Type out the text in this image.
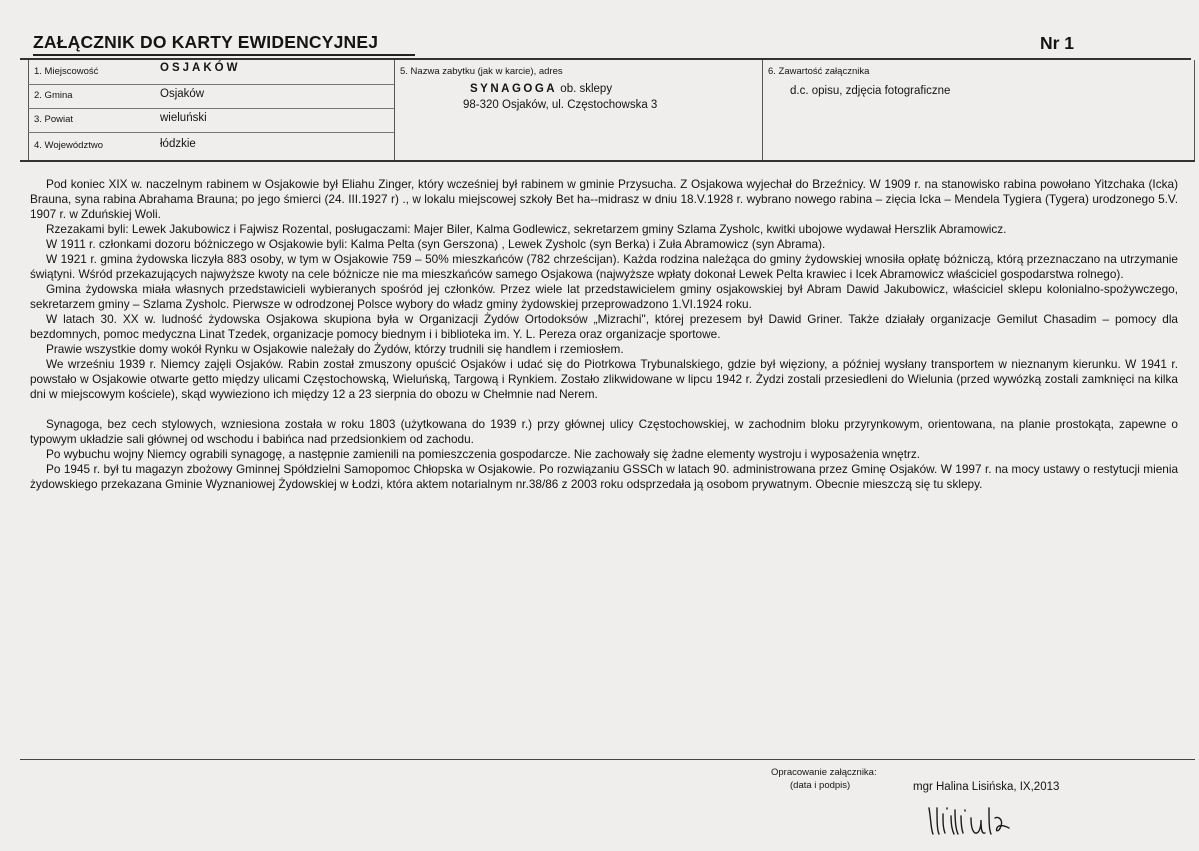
ZAŁĄCZNIK DO KARTY EWIDENCYJNEJ	Nr 1
1. Miejscowość	OSJAKÓW
2. Gmina	Osjaków
3. Powiat	wieluński
4. Województwo	łódzkie
5. Nazwa zabytku (jak w karcie), adres
SYNAGOGA ob. sklepy
98-320 Osjaków, ul. Częstochowska 3
6. Zawartość załącznika
d.c. opisu, zdjęcia fotograficzne

Pod koniec XIX w. naczelnym rabinem w Osjakowie był Eliahu Zinger, który wcześniej był rabinem w gminie Przysucha. Z Osjakowa wyjechał do Brzeźnicy. W 1909 r. na stanowisko rabina powołano Yitzchaka (Icka) Brauna, syna rabina Abrahama Brauna; po jego śmierci (24. III.1927 r) ., w lokalu miejscowej szkoły Bet ha--midrasz w dniu 18.V.1928 r. wybrano nowego rabina – zięcia Icka – Mendela Tygiera (Tygera) urodzonego 5.V. 1907 r. w Zduńskiej Woli.

Rzezakami byli: Lewek Jakubowicz i Fajwisz Rozental, posługaczami: Majer Biler, Kalma Godlewicz, sekretarzem gminy Szlama Zysholc, kwitki ubojowe wydawał Herszlik Abramowicz.

W 1911 r. członkami dozoru bóżniczego w Osjakowie byli: Kalma Pelta (syn Gerszona) , Lewek Zysholc (syn Berka) i Zuła Abramowicz (syn Abrama).

W 1921 r. gmina żydowska liczyła 883 osoby, w tym w Osjakowie 759 – 50% mieszkańców (782 chrześcijan). Każda rodzina należąca do gminy żydowskiej wnosiła opłatę bóżniczą, którą przeznaczano na utrzymanie świątyni. Wśród przekazujących najwyższe kwoty na cele bóżnicze nie ma mieszkańców samego Osjakowa (najwyższe wpłaty dokonał Lewek Pelta krawiec i Icek Abramowicz właściciel gospodarstwa rolnego).

Gmina żydowska miała własnych przedstawicieli wybieranych spośród jej członków. Przez wiele lat przedstawicielem gminy osjakowskiej był Abram Dawid Jakubowicz, właściciel sklepu kolonialno-spożywczego, sekretarzem gminy – Szlama Zysholc. Pierwsze w odrodzonej Polsce wybory do władz gminy żydowskiej przeprowadzono 1.VI.1924 roku.

W latach 30. XX w. ludność żydowska Osjakowa skupiona była w Organizacji Żydów Ortodoksów „Mizrachi", której prezesem był Dawid Griner. Także działały organizacje Gemilut Chasadim – pomocy dla bezdomnych, pomoc medyczna Linat Tzedek, organizacje pomocy biednym i i biblioteka im. Y. L. Pereza oraz organizacje sportowe.

Prawie wszystkie domy wokół Rynku w Osjakowie należały do Żydów, którzy trudnili się handlem i rzemiosłem.

We wrześniu 1939 r. Niemcy zajęli Osjaków. Rabin został zmuszony opuścić Osjaków i udać się do Piotrkowa Trybunalskiego, gdzie był więziony, a później wysłany transportem w nieznanym kierunku. W 1941 r. powstało w Osjakowie otwarte getto między ulicami Częstochowską, Wieluńską, Targową i Rynkiem. Zostało zlikwidowane w lipcu 1942 r. Żydzi zostali przesiedleni do Wielunia (przed wywózką zostali zamknięci na kilka dni w miejscowym kościele), skąd wywieziono ich między 12 a 23 sierpnia do obozu w Chełmnie nad Nerem.

Synagoga, bez cech stylowych, wzniesiona została w roku 1803 (użytkowana do 1939 r.) przy głównej ulicy Częstochowskiej, w zachodnim bloku przyrynkowym, orientowana, na planie prostokąta, zapewne o typowym układzie sali głównej od wschodu i babińca nad przedsionkiem od zachodu.

Po wybuchu wojny Niemcy ograbili synagogę, a następnie zamienili na pomieszczenia gospodarcze. Nie zachowały się żadne elementy wystroju i wyposażenia wnętrz.

Po 1945 r. był tu magazyn zbożowy Gminnej Spółdzielni Samopomoc Chłopska w Osjakowie. Po rozwiązaniu GSSCh w latach 90. administrowana przez Gminę Osjaków. W 1997 r. na mocy ustawy o restytucji mienia żydowskiego przekazana Gminie Wyznaniowej Żydowskiej w Łodzi, która aktem notarialnym nr.38/86 z 2003 roku odsprzedała ją osobom prywatnym. Obecnie mieszczą się tu sklepy.

Opracowanie załącznika:
(data i podpis)	mgr Halina Lisińska, IX,2013
